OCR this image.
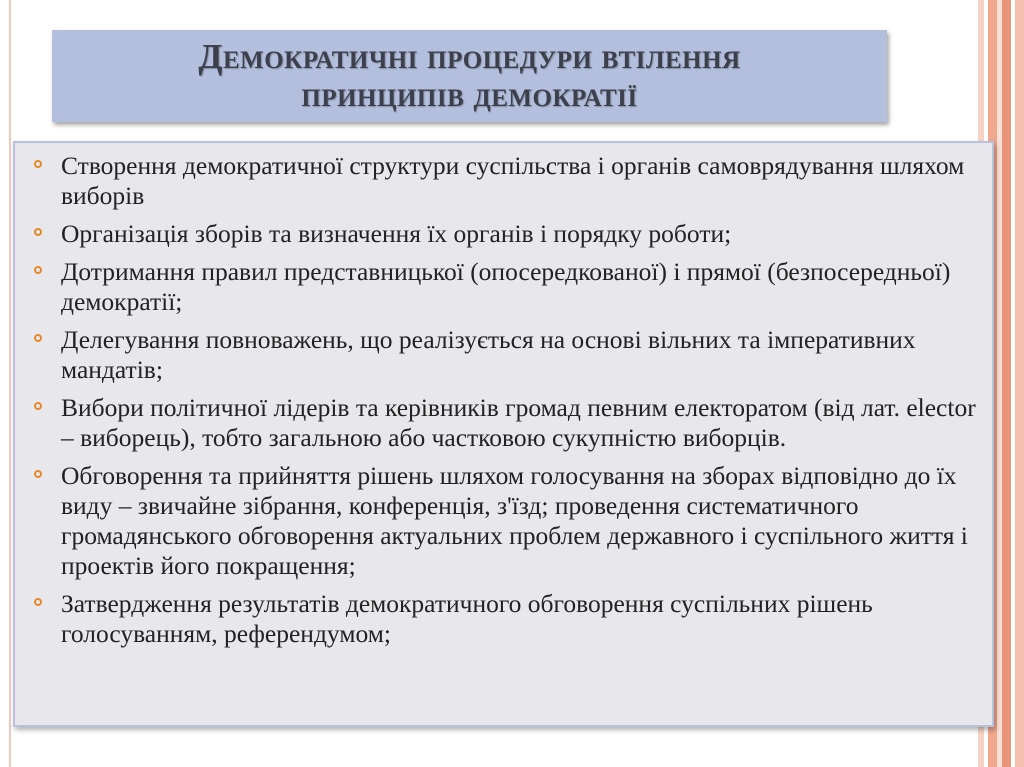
Демократичні процедури втілення
принципів демократії
Створення демократичної структури суспільства і органів самоврядування шляхом виборів
Організація зборів та визначення їх органів і порядку роботи;
Дотримання правил представницької (опосередкованої) і прямої (безпосередньої) демократії;
Делегування повноважень, що реалізується на основі вільних та імперативних мандатів;
Вибори політичної лідерів та керівників громад певним електоратом (від лат. elector – виборець), тобто загальною або частковою сукупністю виборців.
Обговорення та прийняття рішень шляхом голосування на зборах відповідно до їх виду – звичайне зібрання, конференція, з'їзд; проведення систематичного громадянського обговорення актуальних проблем державного і суспільного життя і проектів його покращення;
Затвердження результатів демократичного обговорення суспільних рішень голосуванням, референдумом;
